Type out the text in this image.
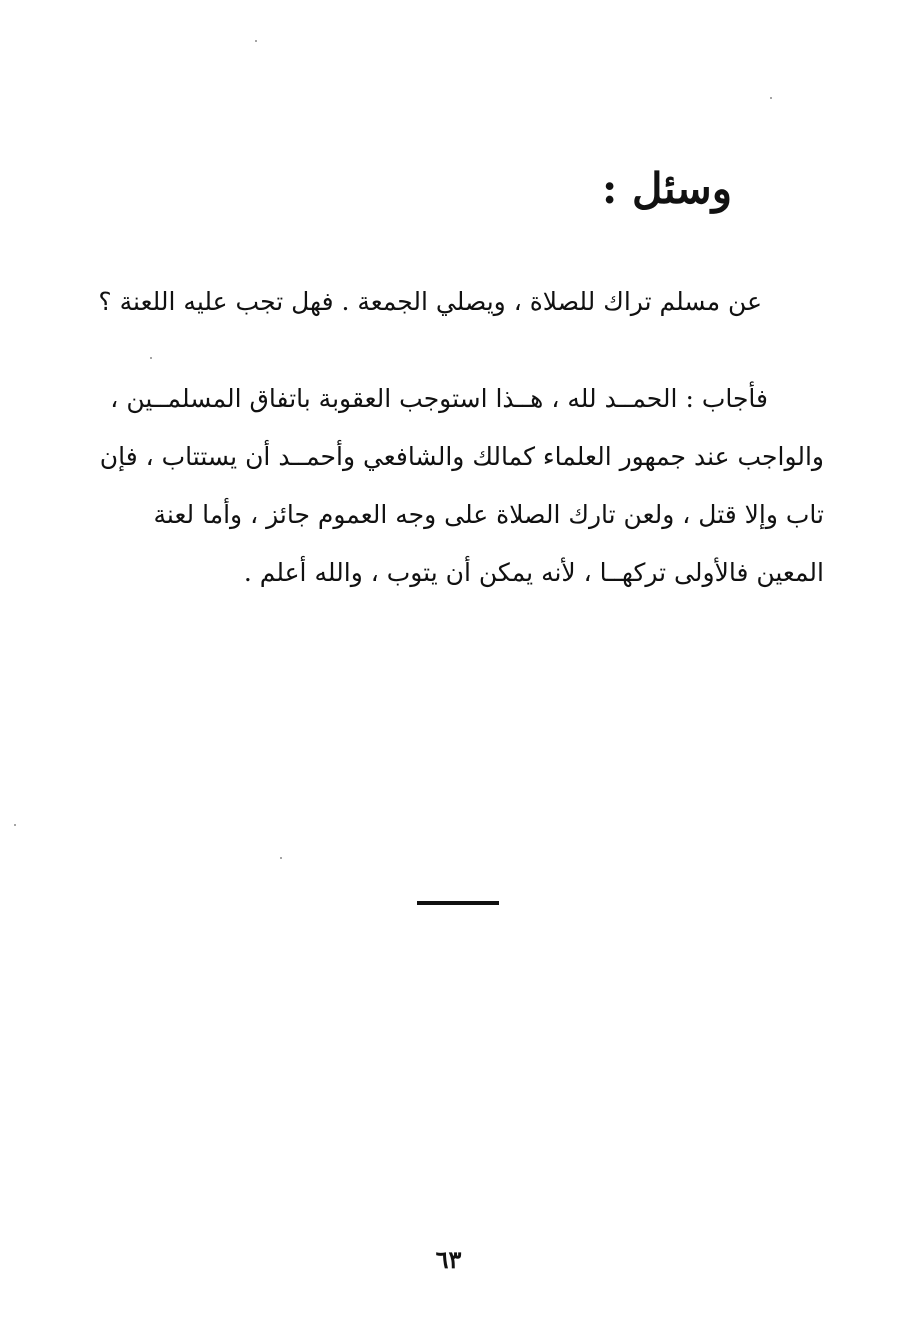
وسئل :
عن مسلم تراك للصلاة ، ويصلي الجمعة . فهل تجب عليه اللعنة ؟
فأجاب : الحمــد لله ، هــذا استوجب العقوبة باتفاق المسلمــين ،
والواجب عند جمهور العلماء كمالك والشافعي وأحمــد أن يستتاب ، فإن
تاب وإلا قتل ، ولعن تارك الصلاة على وجه العموم جائز ، وأما لعنة
المعين فالأولى تركهــا ، لأنه يمكن أن يتوب ، والله أعلم .
٦٣
